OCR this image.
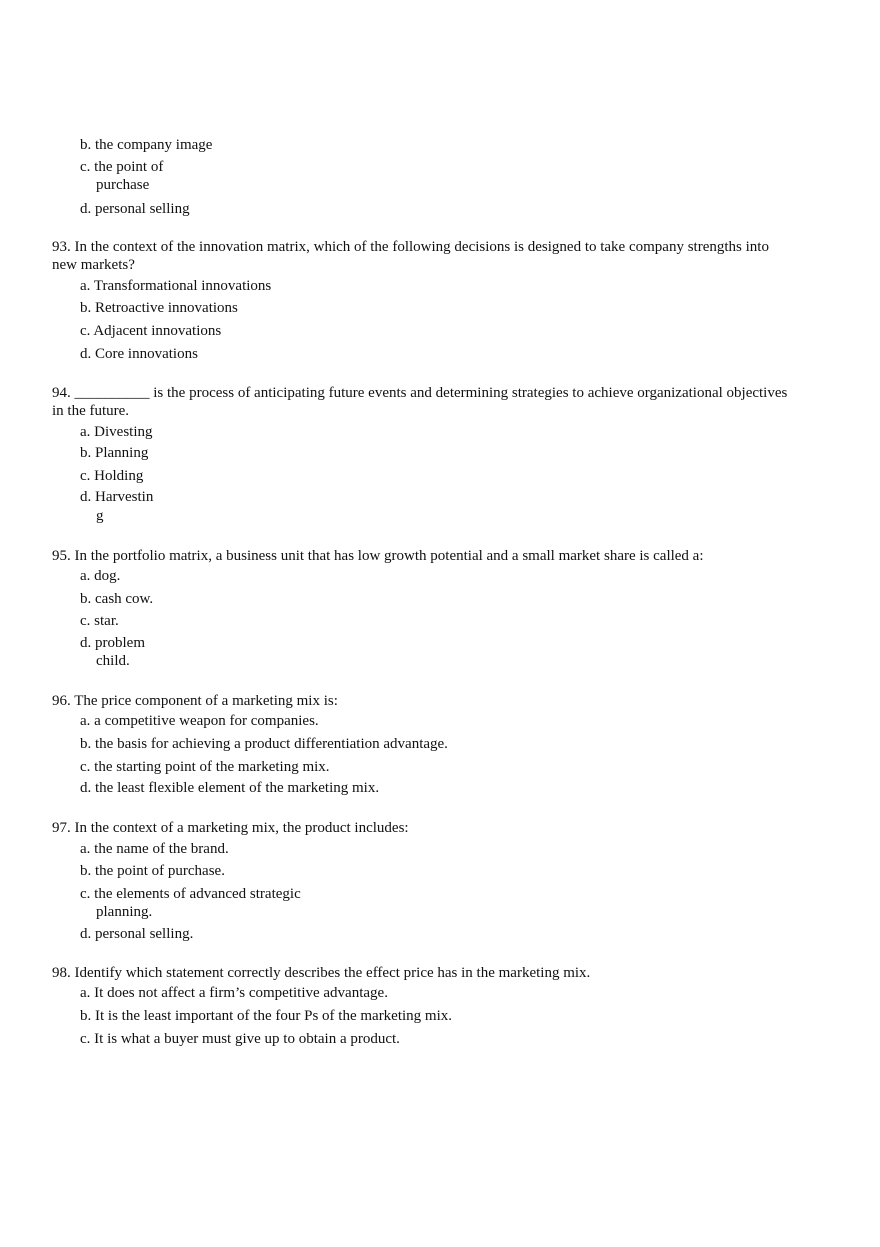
b. the company image
c. the point of
purchase
d. personal selling
93. In the context of the innovation matrix, which of the following decisions is designed to take company strengths into
new markets?
a. Transformational innovations
b. Retroactive innovations
c. Adjacent innovations
d. Core innovations
94. __________ is the process of anticipating future events and determining strategies to achieve organizational objectives
in the future.
a. Divesting
b. Planning
c. Holding
d. Harvestin
g
95. In the portfolio matrix, a business unit that has low growth potential and a small market share is called a:
a. dog.
b. cash cow.
c. star.
d. problem
child.
96. The price component of a marketing mix is:
a. a competitive weapon for companies.
b. the basis for achieving a product differentiation advantage.
c. the starting point of the marketing mix.
d. the least flexible element of the marketing mix.
97. In the context of a marketing mix, the product includes:
a. the name of the brand.
b. the point of purchase.
c. the elements of advanced strategic
planning.
d. personal selling.
98. Identify which statement correctly describes the effect price has in the marketing mix.
a. It does not affect a firm’s competitive advantage.
b. It is the least important of the four Ps of the marketing mix.
c. It is what a buyer must give up to obtain a product.
